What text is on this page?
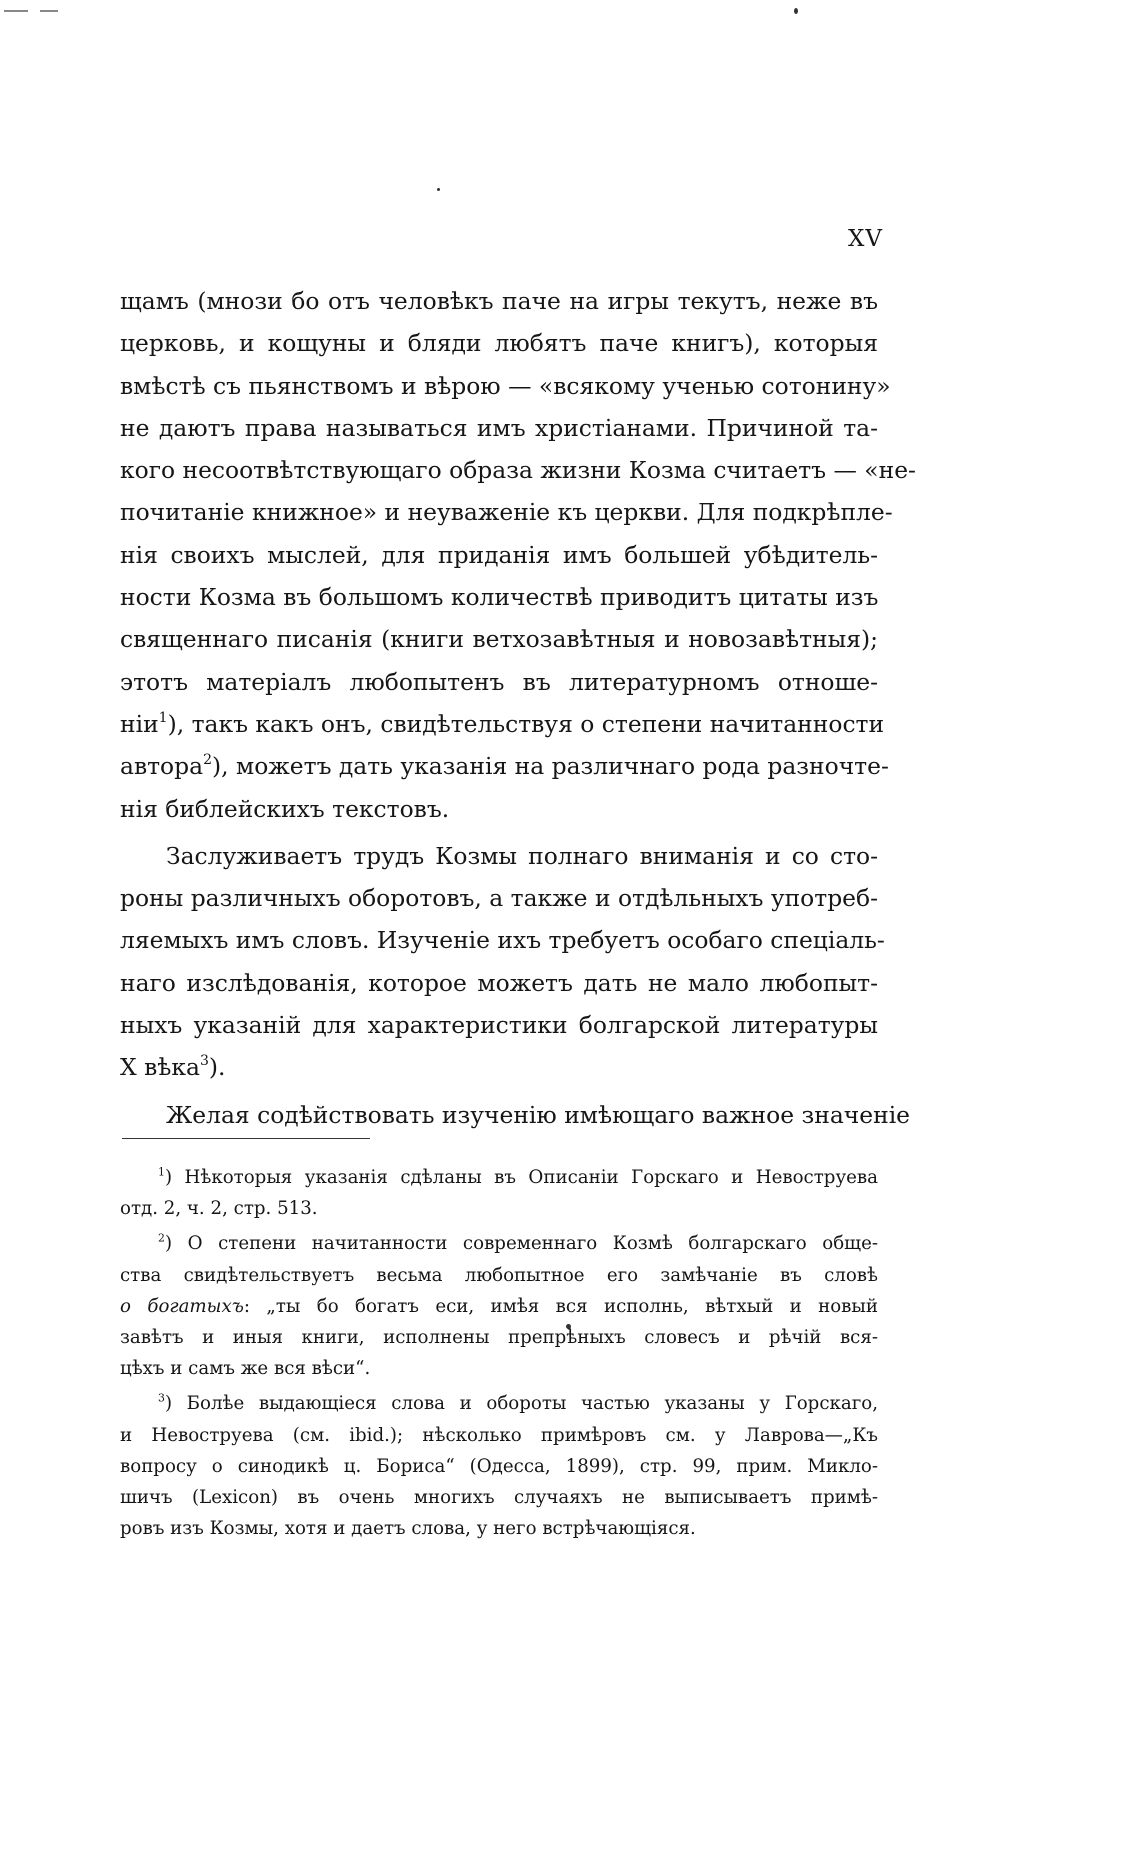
XV
щамъ (мнози бо отъ человѣкъ паче на игры текутъ, неже въ
церковь, и кощуны и бляди любятъ паче книгъ), которыя
вмѣстѣ съ пьянствомъ и вѣрою — «всякому ученью сотонину»
не даютъ права называться имъ христіанами. Причиной та-
кого несоотвѣтствующаго образа жизни Козма считаетъ — «не-
почитаніе книжное» и неуваженіе къ церкви. Для подкрѣпле-
нія своихъ мыслей, для приданія имъ большей убѣдитель-
ности Козма въ большомъ количествѣ приводитъ цитаты изъ
священнаго писанія (книги ветхозавѣтныя и новозавѣтныя);
этотъ матеріалъ любопытенъ въ литературномъ отноше-
ніи$^1$), такъ какъ онъ, свидѣтельствуя о степени начитанности
автора$^2$), можетъ дать указанія на различнаго рода разночте-
нія библейскихъ текстовъ.
Заслуживаетъ трудъ Козмы полнаго вниманія и со сто-
роны различныхъ оборотовъ, а также и отдѣльныхъ употреб-
ляемыхъ имъ словъ. Изученіе ихъ требуетъ особаго спеціаль-
наго изслѣдованія, которое можетъ дать не мало любопыт-
ныхъ указаній для характеристики болгарской литературы
X вѣка$^3$).
Желая содѣйствовать изученію имѣющаго важное значеніе
$^1$) Нѣкоторыя указанія сдѣланы въ Описаніи Горскаго и Невоструева
отд. 2, ч. 2, стр. 513.
$^2$) О степени начитанности современнаго Козмѣ болгарскаго обще-
ства свидѣтельствуетъ весьма любопытное его замѣчаніе въ словѣ
о богатыхъ: „ты бо богатъ еси, имѣя вся исполнь, вѣтхый и новый
завѣтъ и иныя книги, исполнены препрѣныхъ словесъ и рѣчій вся-
цѣхъ и самъ же вся вѣси“.
$^3$) Болѣе выдающіеся слова и обороты частью указаны у Горскаго,
и Невоструева (см. ibid.); нѣсколько примѣровъ см. у Лаврова—„Къ
вопросу о синодикѣ ц. Бориса“ (Одесса, 1899), стр. 99, прим. Микло-
шичъ (Lexicon) въ очень многихъ случаяхъ не выписываетъ примѣ-
ровъ изъ Козмы, хотя и даетъ слова, у него встрѣчающіяся.
